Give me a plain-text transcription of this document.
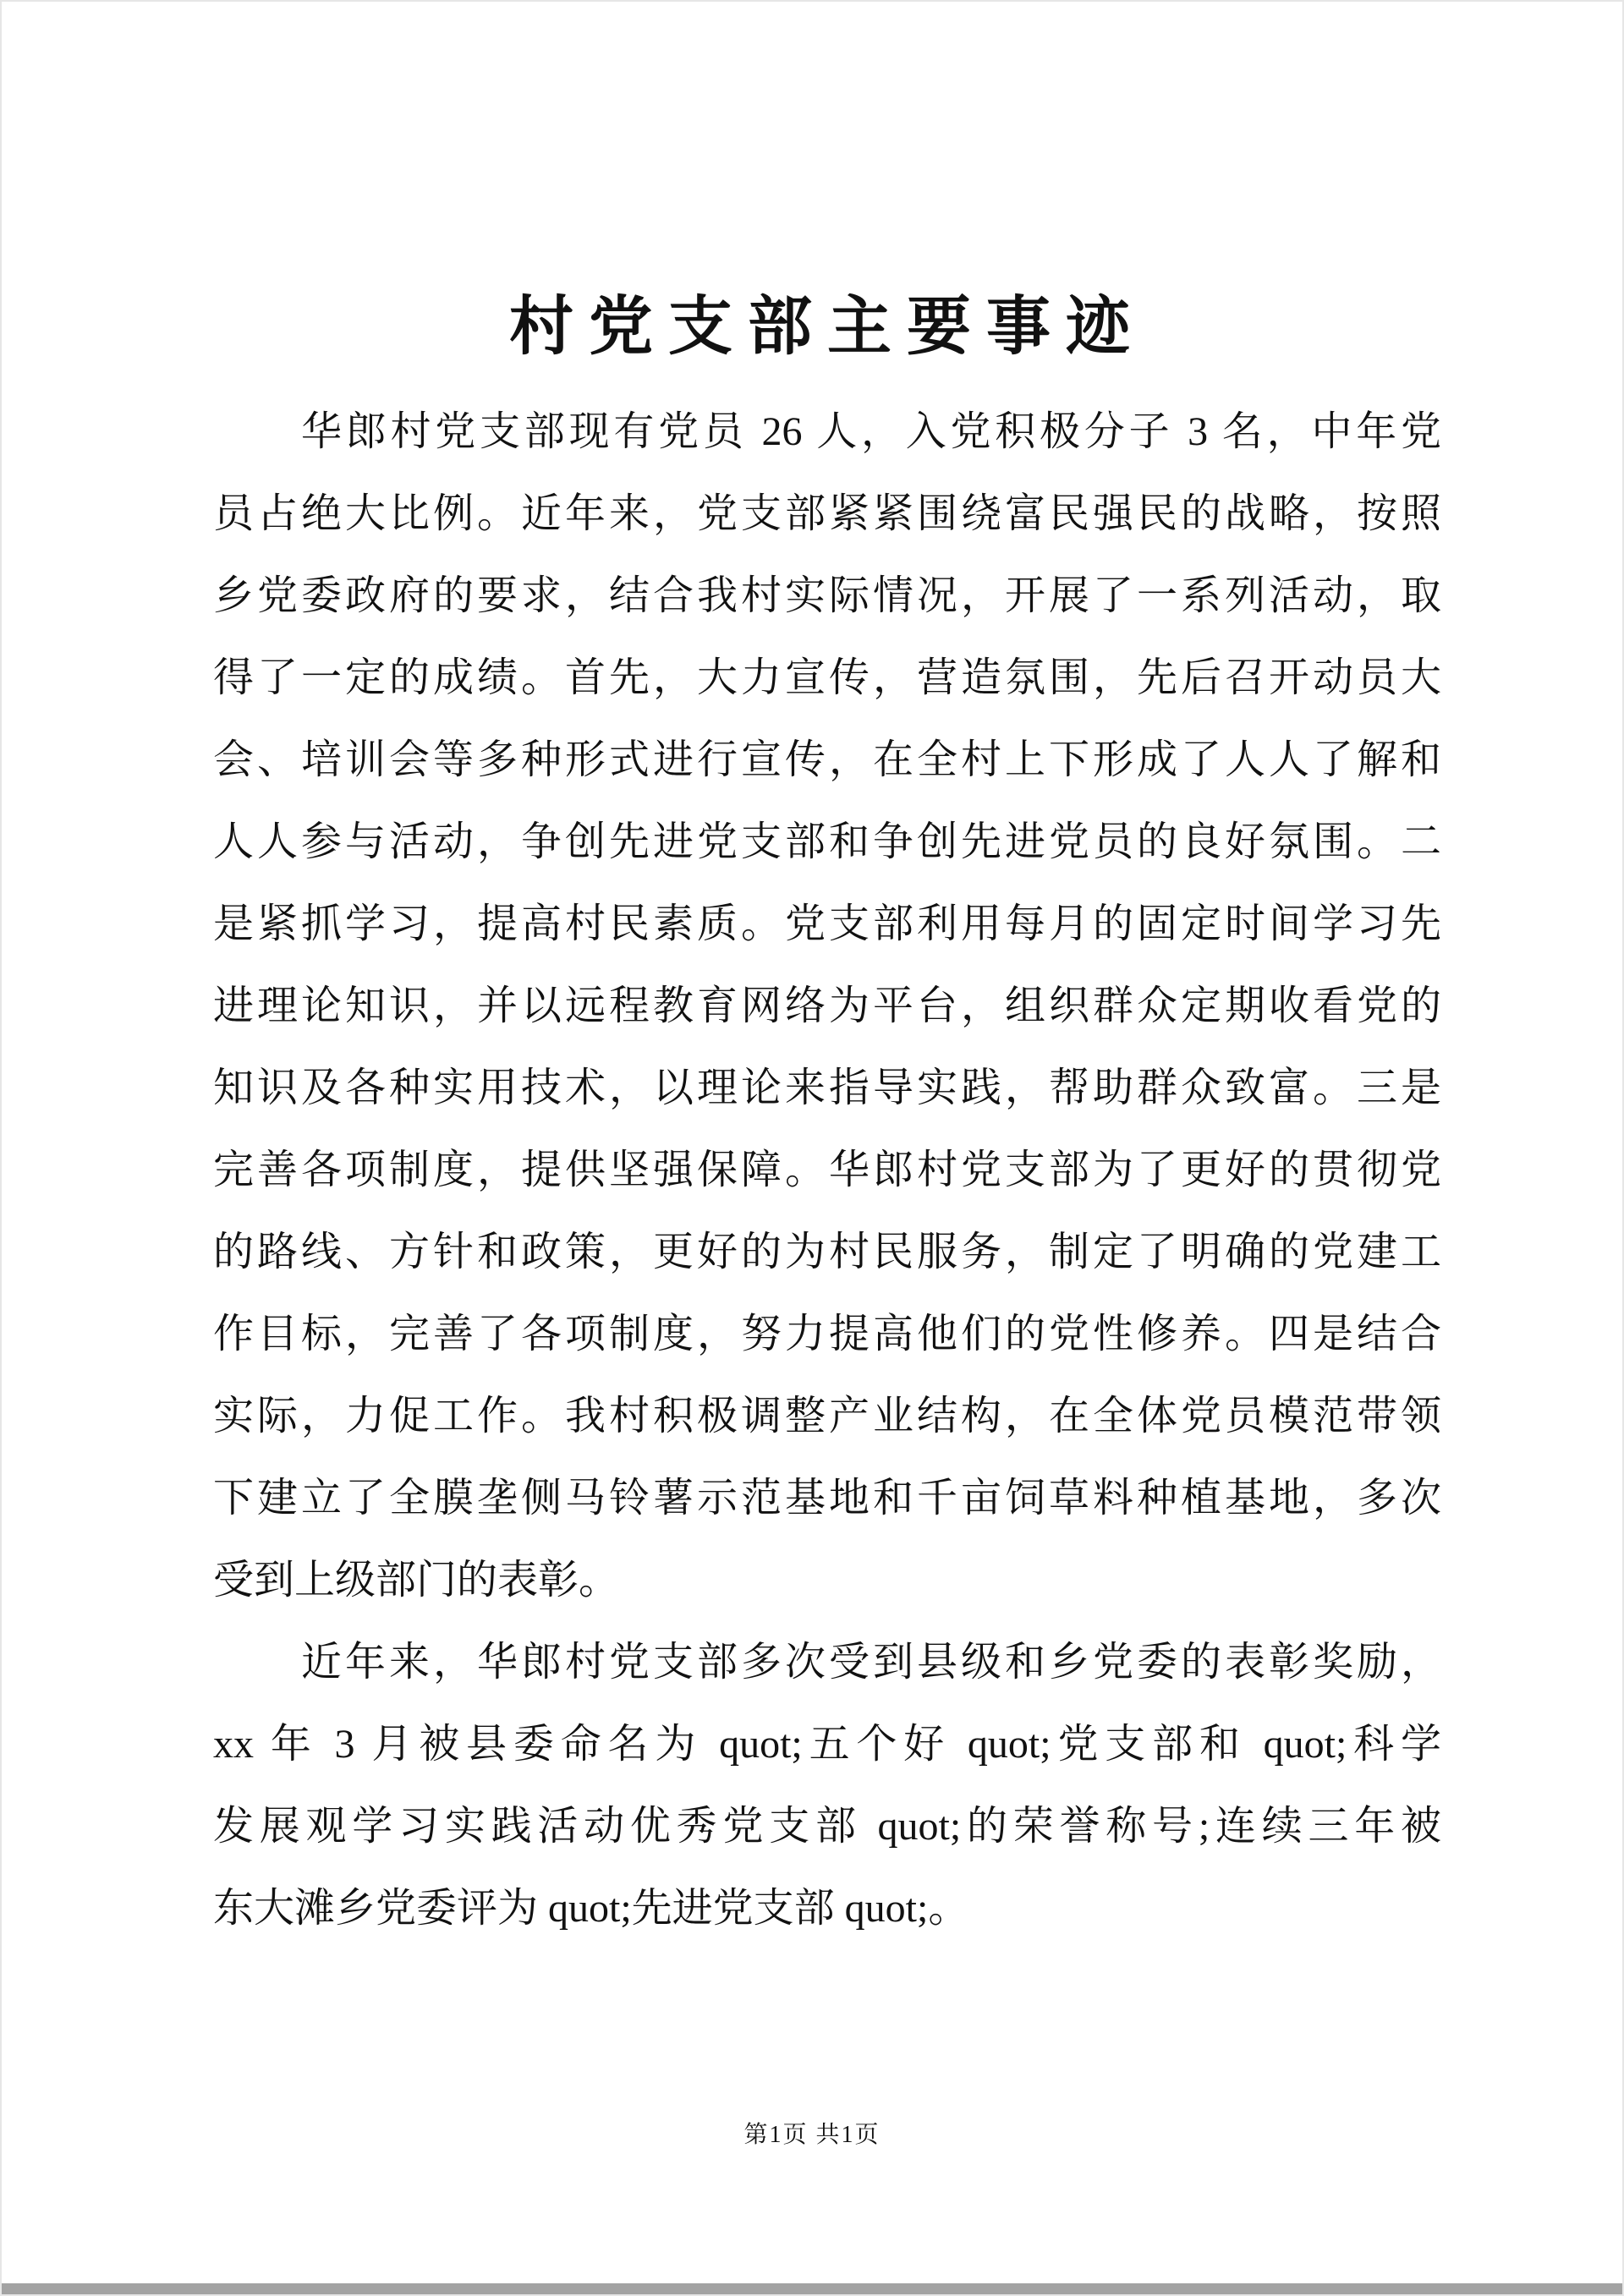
村党支部主要事迹
华郎村党支部现有党员 26 人，入党积极分子 3 名，中年党
员占绝大比例。近年来，党支部紧紧围绕富民强民的战略，按照
乡党委政府的要求，结合我村实际情况，开展了一系列活动，取
得了一定的成绩。首先，大力宣传，营造氛围，先后召开动员大
会、培训会等多种形式进行宣传，在全村上下形成了人人了解和
人人参与活动，争创先进党支部和争创先进党员的良好氛围。二
是紧抓学习，提高村民素质。党支部利用每月的固定时间学习先
进理论知识，并以远程教育网络为平台，组织群众定期收看党的
知识及各种实用技术，以理论来指导实践，帮助群众致富。三是
完善各项制度，提供坚强保障。华郎村党支部为了更好的贯彻党
的路线、方针和政策，更好的为村民服务，制定了明确的党建工
作目标，完善了各项制度，努力提高他们的党性修养。四是结合
实际，力促工作。我村积极调整产业结构，在全体党员模范带领
下建立了全膜垄侧马铃薯示范基地和千亩饲草料种植基地，多次
受到上级部门的表彰。
近年来，华郎村党支部多次受到县级和乡党委的表彰奖励，
xx 年 3 月被县委命名为 quot;五个好 quot;党支部和 quot;科学
发展观学习实践活动优秀党支部 quot;的荣誉称号;连续三年被
东大滩乡党委评为 quot;先进党支部 quot;。
第1页 共1页
